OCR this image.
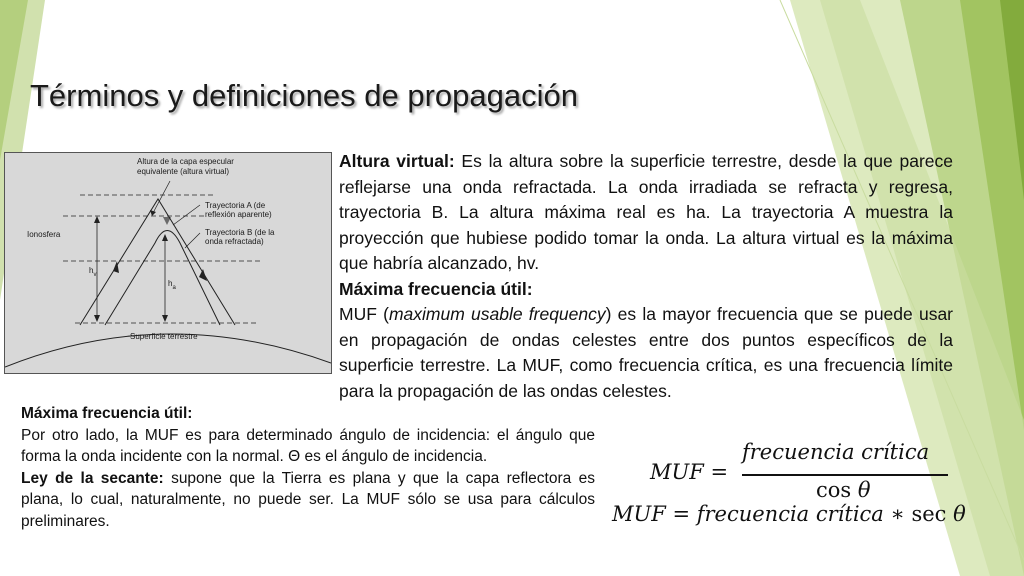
Términos y definiciones de propagación
Altura de la capa especular
equivalente (altura virtual)
Trayectoria A (de
reflexión aparente)
Trayectoria B (de la
onda refractada)
Ionosfera
$h_v$
$h_a$
Superficie terrestre

Altura virtual: Es la altura sobre la superficie terrestre, desde la que parece reflejarse una onda refractada. La onda irradiada se refracta y regresa, trayectoria B. La altura máxima real es ha. La trayectoria A muestra la proyección que hubiese podido tomar la onda. La altura virtual es la máxima que habría alcanzado, hv.

Máxima frecuencia útil:

MUF (maximum usable frequency) es la mayor frecuencia que se puede usar en propagación de ondas celestes entre dos puntos específicos de la superficie terrestre. La MUF, como frecuencia crítica, es una frecuencia límite para la propagación de las ondas celestes.

Máxima frecuencia útil:

Por otro lado, la MUF es para determinado ángulo de incidencia: el ángulo que forma la onda incidente con la normal. Θ es el ángulo de incidencia.

Ley de la secante: supone que la Tierra es plana y que la capa reflectora es plana, lo cual, naturalmente, no puede ser. La MUF sólo se usa para cálculos preliminares.

MUF =
frecuencia crítica
cos θ
MUF = frecuencia crítica ∗ sec θ
